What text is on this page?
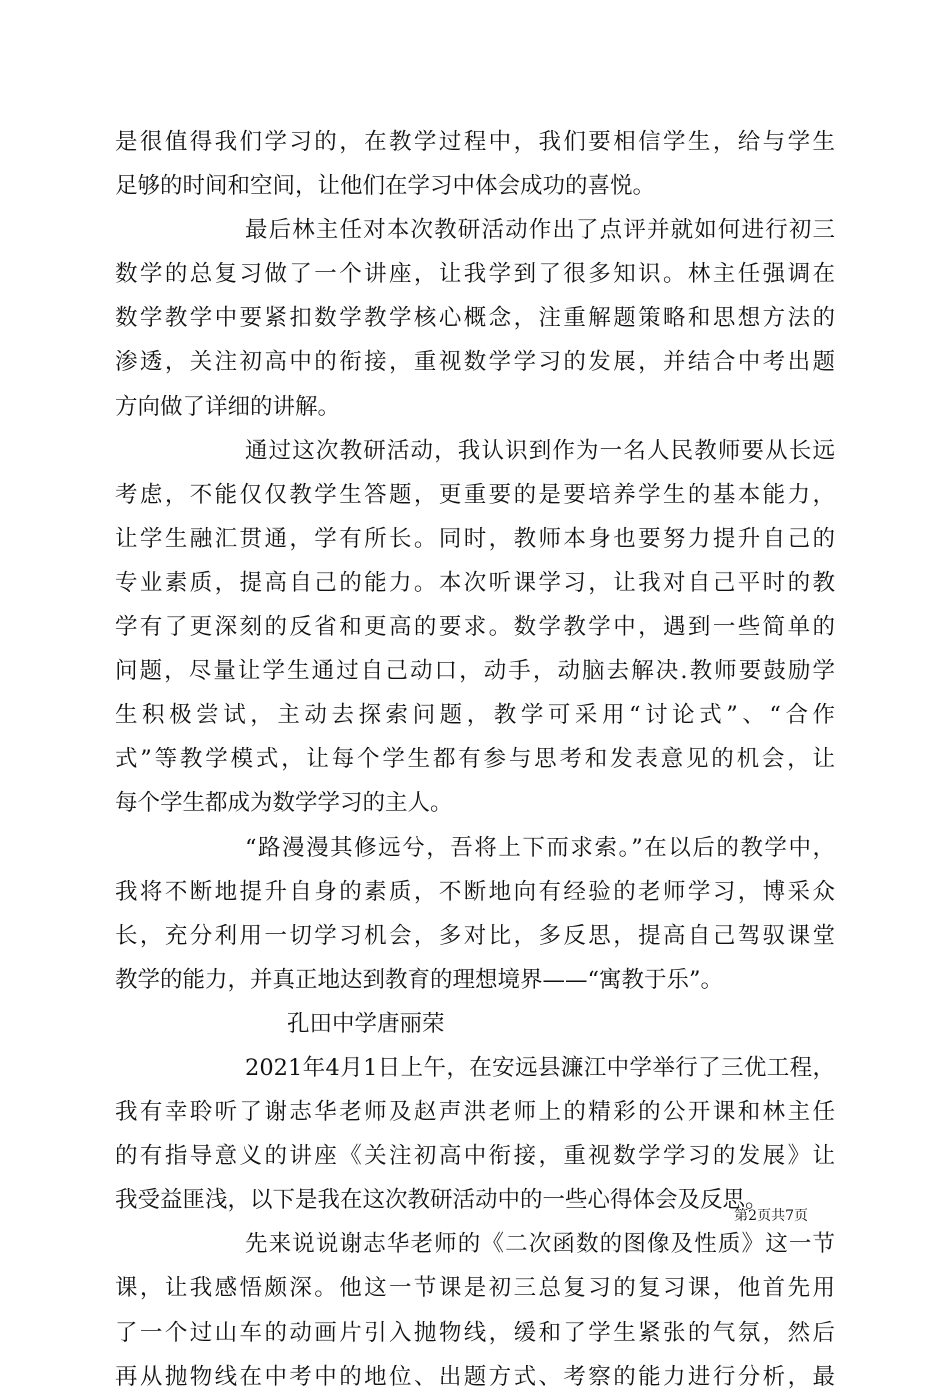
是很值得我们学习的，在教学过程中，我们要相信学生，给与学生
足够的时间和空间，让他们在学习中体会成功的喜悦。
最后林主任对本次教研活动作出了点评并就如何进行初三
数学的总复习做了一个讲座，让我学到了很多知识。林主任强调在
数学教学中要紧扣数学教学核心概念，注重解题策略和思想方法的
渗透，关注初高中的衔接，重视数学学习的发展，并结合中考出题
方向做了详细的讲解。
通过这次教研活动，我认识到作为一名人民教师要从长远
考虑，不能仅仅教学生答题，更重要的是要培养学生的基本能力，
让学生融汇贯通，学有所长。同时，教师本身也要努力提升自己的
专业素质，提高自己的能力。本次听课学习，让我对自己平时的教
学有了更深刻的反省和更高的要求。数学教学中，遇到一些简单的
问题，尽量让学生通过自己动口，动手，动脑去解决.教师要鼓励学
生积极尝试，主动去探索问题，教学可采用“讨论式”、“合作
式”等教学模式，让每个学生都有参与思考和发表意见的机会，让
每个学生都成为数学学习的主人。
“路漫漫其修远兮，吾将上下而求索。”在以后的教学中，
我将不断地提升自身的素质，不断地向有经验的老师学习，博采众
长，充分利用一切学习机会，多对比，多反思，提高自己驾驭课堂
教学的能力，并真正地达到教育的理想境界——“寓教于乐”。
孔田中学唐丽荣
2021年4月1日上午，在安远县濂江中学举行了三优工程，
我有幸聆听了谢志华老师及赵声洪老师上的精彩的公开课和林主任
的有指导意义的讲座《关注初高中衔接，重视数学学习的发展》让
我受益匪浅，以下是我在这次教研活动中的一些心得体会及反思。
先来说说谢志华老师的《二次函数的图像及性质》这一节
课，让我感悟颇深。他这一节课是初三总复习的复习课，他首先用
了一个过山车的动画片引入抛物线，缓和了学生紧张的气氛，然后
再从抛物线在中考中的地位、出题方式、考察的能力进行分析，最
第2页共7页
